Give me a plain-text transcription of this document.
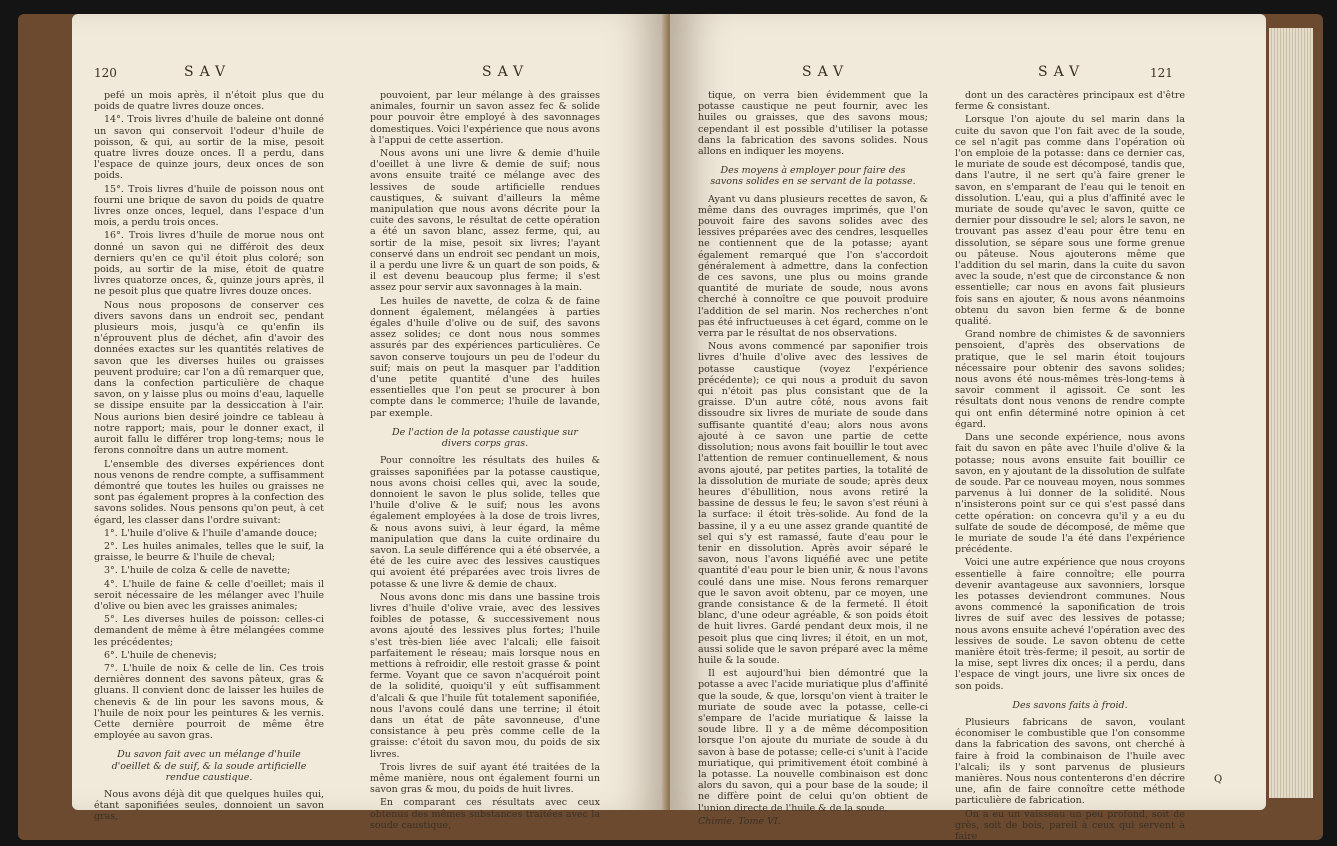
120	SAV	SAV

pefé un mois après, il n'étoit plus que du poids de quatre livres douze onces.

14°. Trois livres d'huile de baleine ont donné un savon qui conservoit l'odeur d'huile de poisson, & qui, au sortir de la mise, pesoit quatre livres douze onces. Il a perdu, dans l'espace de quinze jours, deux onces de son poids.

15°. Trois livres d'huile de poisson nous ont fourni une brique de savon du poids de quatre livres onze onces, lequel, dans l'espace d'un mois, a perdu trois onces.

16°. Trois livres d'huile de morue nous ont donné un savon qui ne différoit des deux derniers qu'en ce qu'il étoit plus coloré; son poids, au sortir de la mise, étoit de quatre livres quatorze onces, &, quinze jours après, il ne pesoit plus que quatre livres douze onces.

Nous nous proposons de conserver ces divers savons dans un endroit sec, pendant plusieurs mois, jusqu'à ce qu'enfin ils n'éprouvent plus de déchet, afin d'avoir des données exactes sur les quantités relatives de savon que les diverses huiles ou graisses peuvent produire; car l'on a dû remarquer que, dans la confection particulière de chaque savon, on y laisse plus ou moins d'eau, laquelle se dissipe ensuite par la dessiccation à l'air. Nous aurions bien desiré joindre ce tableau à notre rapport; mais, pour le donner exact, il auroit fallu le différer trop long-tems; nous le ferons connoître dans un autre moment.

L'ensemble des diverses expériences dont nous venons de rendre compte, a suffisamment démontré que toutes les huiles ou graisses ne sont pas également propres à la confection des savons solides. Nous pensons qu'on peut, à cet égard, les classer dans l'ordre suivant:

1°. L'huile d'olive & l'huile d'amande douce;

2°. Les huiles animales, telles que le suif, la graisse, le beurre & l'huile de cheval;

3°. L'huile de colza & celle de navette;

4°. L'huile de faine & celle d'oeillet; mais il seroit nécessaire de les mélanger avec l'huile d'olive ou bien avec les graisses animales;

5°. Les diverses huiles de poisson: celles-ci demandent de même à être mélangées comme les précédentes;

6°. L'huile de chenevis;

7°. L'huile de noix & celle de lin. Ces trois dernières donnent des savons pâteux, gras & gluans. Il convient donc de laisser les huiles de chenevis & de lin pour les savons mous, & l'huile de noix pour les peintures & les vernis. Cette dernière pourroit de même être employée au savon gras.

Du savon fait avec un mélange d'huile d'oeillet & de suif, & la soude artificielle rendue caustique.

Nous avons déjà dit que quelques huiles qui, étant saponifiées seules, donnoient un savon gras,

pouvoient, par leur mélange à des graisses animales, fournir un savon assez fec & solide pour pouvoir être employé à des savonnages domestiques. Voici l'expérience que nous avons à l'appui de cette assertion.

Nous avons uni une livre & demie d'huile d'oeillet à une livre & demie de suif; nous avons ensuite traité ce mélange avec des lessives de soude artificielle rendues caustiques, & suivant d'ailleurs la même manipulation que nous avons décrite pour la cuite des savons, le résultat de cette opération a été un savon blanc, assez ferme, qui, au sortir de la mise, pesoit six livres; l'ayant conservé dans un endroit sec pendant un mois, il a perdu une livre & un quart de son poids, & il est devenu beaucoup plus ferme; il s'est assez pour servir aux savonnages à la main.

Les huiles de navette, de colza & de faine donnent également, mélangées à parties égales d'huile d'olive ou de suif, des savons assez solides; ce dont nous nous sommes assurés par des expériences particulières. Ce savon conserve toujours un peu de l'odeur du suif; mais on peut la masquer par l'addition d'une petite quantité d'une des huiles essentielles que l'on peut se procurer à bon compte dans le commerce; l'huile de lavande, par exemple.

De l'action de la potasse caustique sur divers corps gras.

Pour connoître les résultats des huiles & graisses saponifiées par la potasse caustique, nous avons choisi celles qui, avec la soude, donnoient le savon le plus solide, telles que l'huile d'olive & le suif; nous les avons également employées à la dose de trois livres, & nous avons suivi, à leur égard, la même manipulation que dans la cuite ordinaire du savon. La seule différence qui a été observée, a été de les cuire avec des lessives caustiques qui avoient été préparées avec trois livres de potasse & une livre & demie de chaux.

Nous avons donc mis dans une bassine trois livres d'huile d'olive vraie, avec des lessives foibles de potasse, & successivement nous avons ajouté des lessives plus fortes; l'huile s'est très-bien liée avec l'alcali; elle faisoit parfaitement le réseau; mais lorsque nous en mettions à refroidir, elle restoit grasse & point ferme. Voyant que ce savon n'acquéroit point de la solidité, quoiqu'il y eût suffisamment d'alcali & que l'huile fût totalement saponifiée, nous l'avons coulé dans une terrine; il étoit dans un état de pâte savonneuse, d'une consistance à peu près comme celle de la graisse: c'étoit du savon mou, du poids de six livres.

Trois livres de suif ayant été traitées de la même manière, nous ont également fourni un savon gras & mou, du poids de huit livres.

En comparant ces résultats avec ceux obtenus des mêmes substances traitées avec la soude caustique,

SAV	SAV	121

tique, on verra bien évidemment que la potasse caustique ne peut fournir, avec les huiles ou graisses, que des savons mous; cependant il est possible d'utiliser la potasse dans la fabrication des savons solides. Nous allons en indiquer les moyens.

Des moyens à employer pour faire des savons solides en se servant de la potasse.

Ayant vu dans plusieurs recettes de savon, & même dans des ouvrages imprimés, que l'on pouvoit faire des savons solides avec des lessives préparées avec des cendres, lesquelles ne contiennent que de la potasse; ayant également remarqué que l'on s'accordoit généralement à admettre, dans la confection de ces savons, une plus ou moins grande quantité de muriate de soude, nous avons cherché à connoître ce que pouvoit produire l'addition de sel marin. Nos recherches n'ont pas été infructueuses à cet égard, comme on le verra par le résultat de nos observations.

Nous avons commencé par saponifier trois livres d'huile d'olive avec des lessives de potasse caustique (voyez l'expérience précédente); ce qui nous a produit du savon qui n'étoit pas plus consistant que de la graisse. D'un autre côté, nous avons fait dissoudre six livres de muriate de soude dans suffisante quantité d'eau; alors nous avons ajouté à ce savon une partie de cette dissolution; nous avons fait bouillir le tout avec l'attention de remuer continuellement, & nous avons ajouté, par petites parties, la totalité de la dissolution de muriate de soude; après deux heures d'ébullition, nous avons retiré la bassine de dessus le feu; le savon s'est réuni à la surface: il étoit très-solide. Au fond de la bassine, il y a eu une assez grande quantité de sel qui s'y est ramassé, faute d'eau pour le tenir en dissolution. Après avoir séparé le savon, nous l'avons liquéfié avec une petite quantité d'eau pour le bien unir, & nous l'avons coulé dans une mise. Nous ferons remarquer que le savon avoit obtenu, par ce moyen, une grande consistance & de la fermeté. Il étoit blanc, d'une odeur agréable, & son poids étoit de huit livres. Gardé pendant deux mois, il ne pesoit plus que cinq livres; il étoit, en un mot, aussi solide que le savon préparé avec la même huile & la soude.

Il est aujourd'hui bien démontré que la potasse a avec l'acide muriatique plus d'affinité que la soude, & que, lorsqu'on vient à traiter le muriate de soude avec la potasse, celle-ci s'empare de l'acide muriatique & laisse la soude libre. Il y a de même décomposition lorsque l'on ajoute du muriate de soude à du savon à base de potasse; celle-ci s'unit à l'acide muriatique, qui primitivement étoit combiné à la potasse. La nouvelle combinaison est donc alors du savon, qui a pour base de la soude; il ne diffère point de celui qu'on obtient de l'union directe de l'huile & de la soude,

Chimie. Tome VI.

Q

dont un des caractères principaux est d'être ferme & consistant.

Lorsque l'on ajoute du sel marin dans la cuite du savon que l'on fait avec de la soude, ce sel n'agit pas comme dans l'opération où l'on emploie de la potasse: dans ce dernier cas, le muriate de soude est décomposé, tandis que, dans l'autre, il ne sert qu'à faire grener le savon, en s'emparant de l'eau qui le tenoit en dissolution. L'eau, qui a plus d'affinité avec le muriate de soude qu'avec le savon, quitte ce dernier pour dissoudre le sel; alors le savon, ne trouvant pas assez d'eau pour être tenu en dissolution, se sépare sous une forme grenue ou pâteuse. Nous ajouterons même que l'addition du sel marin, dans la cuite du savon avec la soude, n'est que de circonstance & non essentielle; car nous en avons fait plusieurs fois sans en ajouter, & nous avons néanmoins obtenu du savon bien ferme & de bonne qualité.

Grand nombre de chimistes & de savonniers pensoient, d'après des observations de pratique, que le sel marin étoit toujours nécessaire pour obtenir des savons solides; nous avons été nous-mêmes très-long-tems à savoir comment il agissoit. Ce sont les résultats dont nous venons de rendre compte qui ont enfin déterminé notre opinion à cet égard.

Dans une seconde expérience, nous avons fait du savon en pâte avec l'huile d'olive & la potasse; nous avons ensuite fait bouillir ce savon, en y ajoutant de la dissolution de sulfate de soude. Par ce nouveau moyen, nous sommes parvenus à lui donner de la solidité. Nous n'insisterons point sur ce qui s'est passé dans cette opération: on concevra qu'il y a eu du sulfate de soude de décomposé, de même que le muriate de soude l'a été dans l'expérience précédente.

Voici une autre expérience que nous croyons essentielle à faire connoître; elle pourra devenir avantageuse aux savonniers, lorsque les potasses deviendront communes. Nous avons commencé la saponification de trois livres de suif avec des lessives de potasse; nous avons ensuite achevé l'opération avec des lessives de soude. Le savon obtenu de cette manière étoit très-ferme; il pesoit, au sortir de la mise, sept livres dix onces; il a perdu, dans l'espace de vingt jours, une livre six onces de son poids.

Des savons faits à froid.

Plusieurs fabricans de savon, voulant économiser le combustible que l'on consomme dans la fabrication des savons, ont cherché à faire à froid la combinaison de l'huile avec l'alcali; ils y sont parvenus de plusieurs manières. Nous nous contenterons d'en décrire une, afin de faire connoître cette méthode particulière de fabrication.

On a eu un vaisseau un peu profond, soit de grès, soit de bois, pareil à ceux qui servent à faire
